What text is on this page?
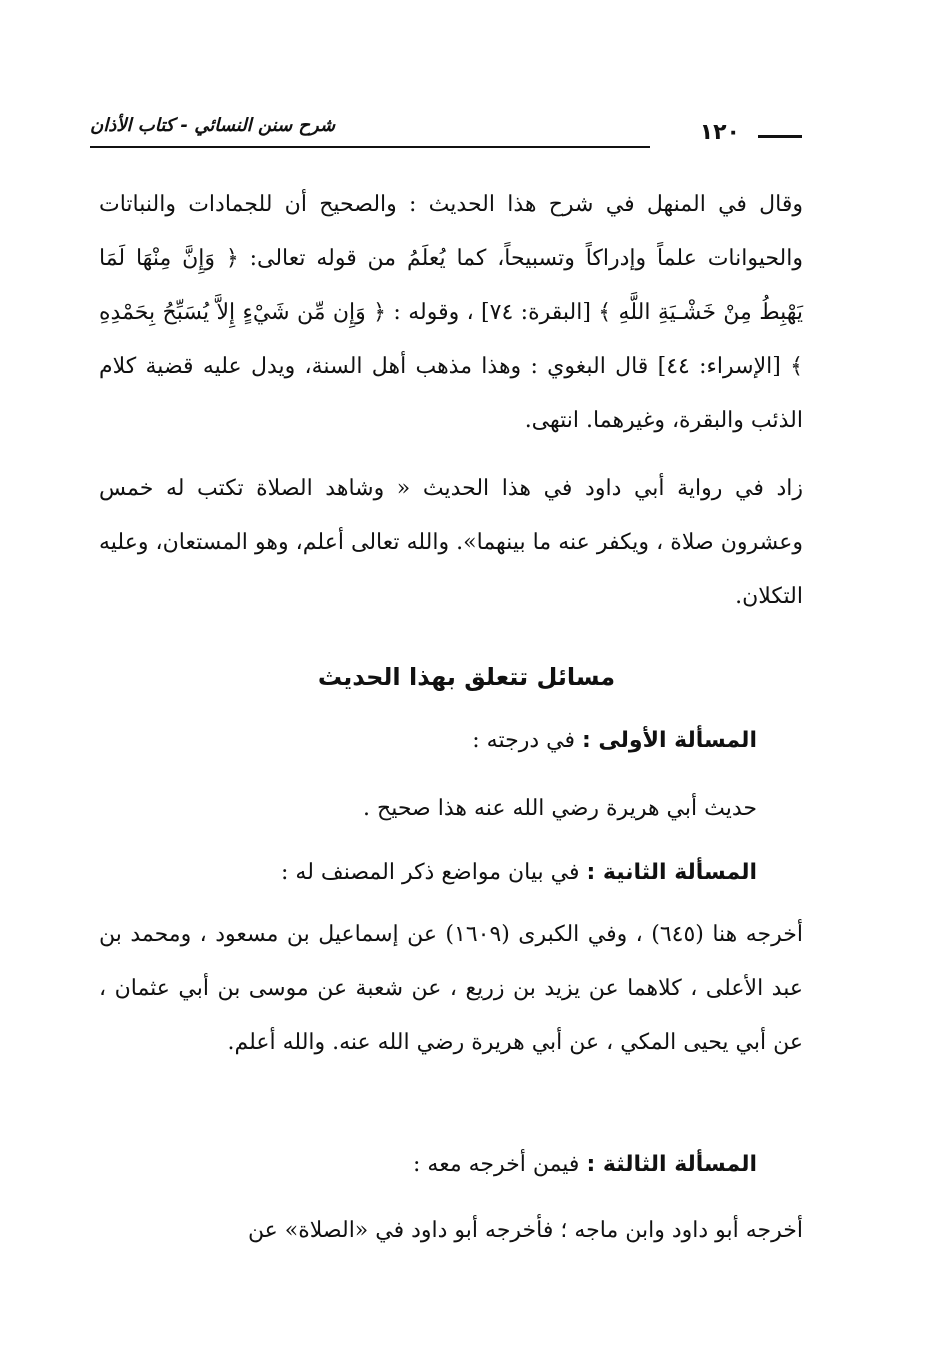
شرح سنن النسائي - كتاب الأذان	١٢٠

وقال في المنهل في شرح هذا الحديث : والصحيح أن للجمادات والنباتات والحيوانات علماً وإدراكاً وتسبيحاً، كما يُعلَمُ من قوله تعالى: ﴿ وَإِنَّ مِنْهَا لَمَا يَهْبِطُ مِنْ خَشْـيَةِ اللَّهِ ﴾ [البقرة: ٧٤] ، وقوله : ﴿ وَإِن مِّن شَيْءٍ إِلاَّ يُسَبِّحُ بِحَمْدِهِ ﴾ [الإسراء: ٤٤] قال البغوي : وهذا مذهب أهل السنة، ويدل عليه قضية كلام الذئب والبقرة، وغيرهما. انتهى.

زاد في رواية أبي داود في هذا الحديث « وشاهد الصلاة تكتب له خمس وعشرون صلاة ، ويكفر عنه ما بينهما». والله تعالى أعلم، وهو المستعان، وعليه التكلان.

مسائل تتعلق بهذا الحديث
المسألة الأولى : في درجته :
حديث أبي هريرة رضي الله عنه هذا صحيح .
المسألة الثانية : في بيان مواضع ذكر المصنف له :

أخرجه هنا (٦٤٥) ، وفي الكبرى (١٦٠٩) عن إسماعيل بن مسعود ، ومحمد بن عبد الأعلى ، كلاهما عن يزيد بن زريع ، عن شعبة عن موسى بن أبي عثمان ، عن أبي يحيى المكي ، عن أبي هريرة رضي الله عنه. والله أعلم.

المسألة الثالثة : فيمن أخرجه معه :

أخرجه أبو داود وابن ماجه ؛ فأخرجه أبو داود في «الصلاة» عن
